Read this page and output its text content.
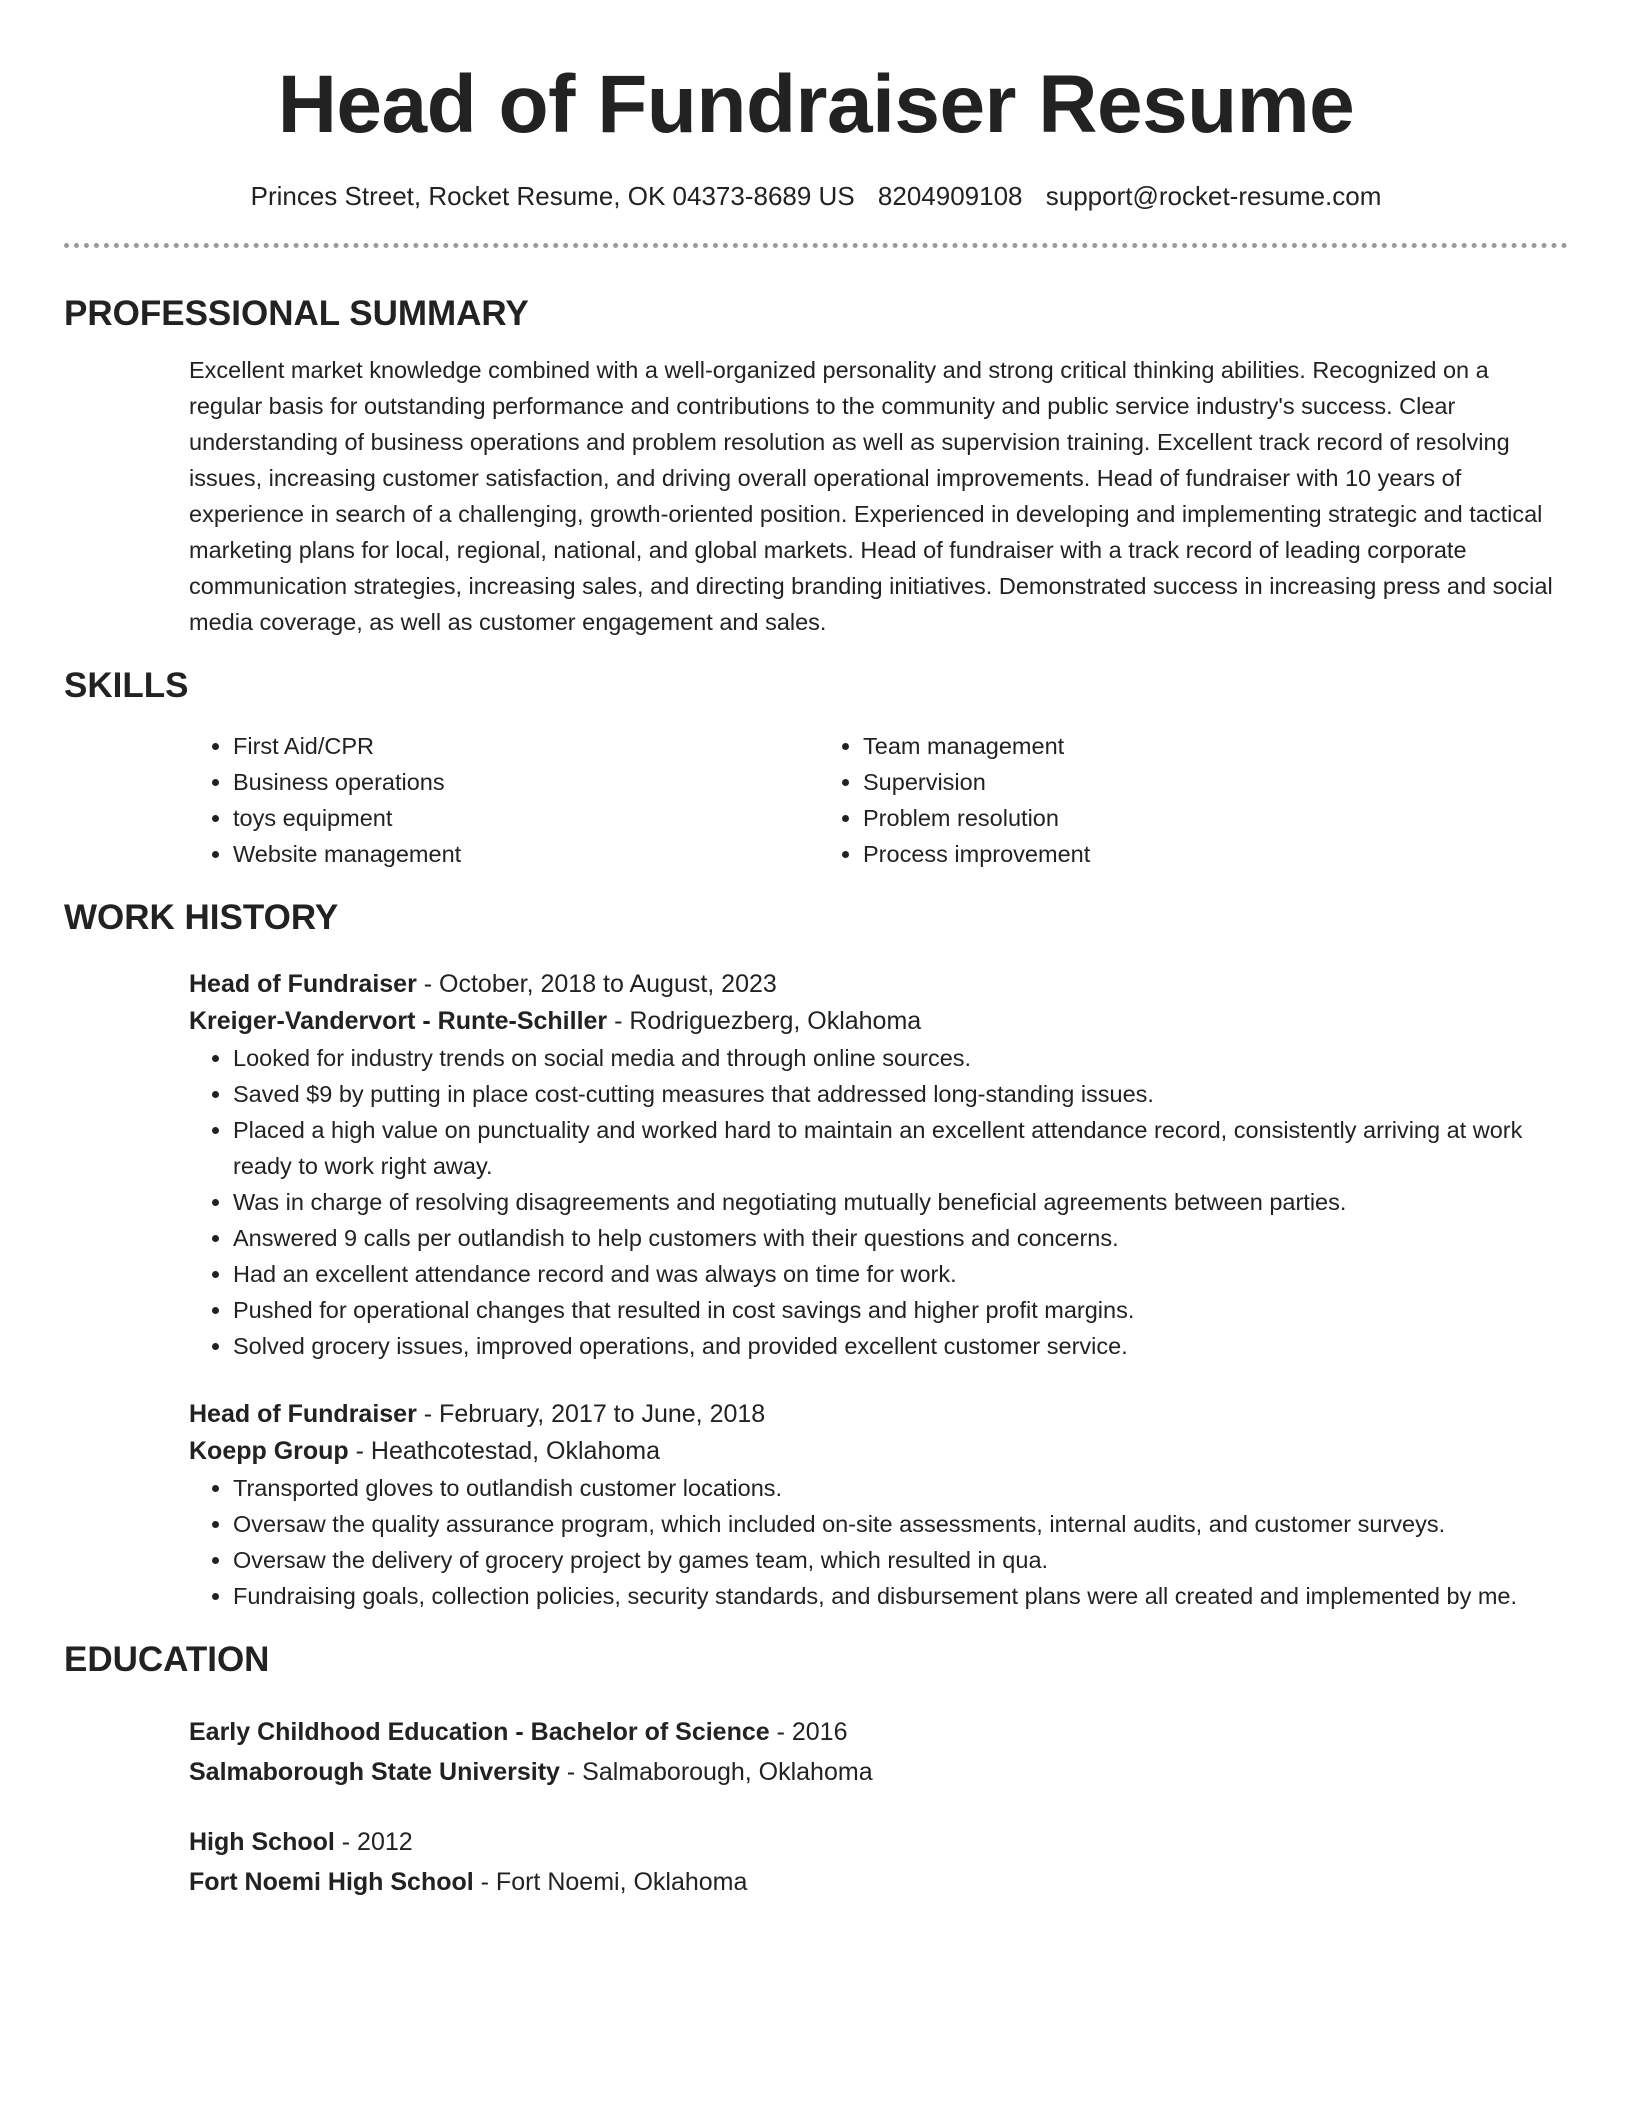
Head of Fundraiser Resume
Princes Street, Rocket Resume, OK 04373-8689 US 8204909108 support@rocket-resume.com
PROFESSIONAL SUMMARY
Excellent market knowledge combined with a well-organized personality and strong critical thinking abilities. Recognized on a regular basis for outstanding performance and contributions to the community and public service industry's success. Clear understanding of business operations and problem resolution as well as supervision training. Excellent track record of resolving issues, increasing customer satisfaction, and driving overall operational improvements. Head of fundraiser with 10 years of experience in search of a challenging, growth-oriented position. Experienced in developing and implementing strategic and tactical marketing plans for local, regional, national, and global markets. Head of fundraiser with a track record of leading corporate communication strategies, increasing sales, and directing branding initiatives. Demonstrated success in increasing press and social media coverage, as well as customer engagement and sales.
SKILLS
• First Aid/CPR
• Business operations
• toys equipment
• Website management
• Team management
• Supervision
• Problem resolution
• Process improvement
WORK HISTORY
Head of Fundraiser - October, 2018 to August, 2023
Kreiger-Vandervort - Runte-Schiller - Rodriguezberg, Oklahoma
• Looked for industry trends on social media and through online sources.
• Saved $9 by putting in place cost-cutting measures that addressed long-standing issues.
• Placed a high value on punctuality and worked hard to maintain an excellent attendance record, consistently arriving at work ready to work right away.
• Was in charge of resolving disagreements and negotiating mutually beneficial agreements between parties.
• Answered 9 calls per outlandish to help customers with their questions and concerns.
• Had an excellent attendance record and was always on time for work.
• Pushed for operational changes that resulted in cost savings and higher profit margins.
• Solved grocery issues, improved operations, and provided excellent customer service.
Head of Fundraiser - February, 2017 to June, 2018
Koepp Group - Heathcotestad, Oklahoma
• Transported gloves to outlandish customer locations.
• Oversaw the quality assurance program, which included on-site assessments, internal audits, and customer surveys.
• Oversaw the delivery of grocery project by games team, which resulted in qua.
• Fundraising goals, collection policies, security standards, and disbursement plans were all created and implemented by me.
EDUCATION
Early Childhood Education - Bachelor of Science - 2016
Salmaborough State University - Salmaborough, Oklahoma
High School - 2012
Fort Noemi High School - Fort Noemi, Oklahoma
